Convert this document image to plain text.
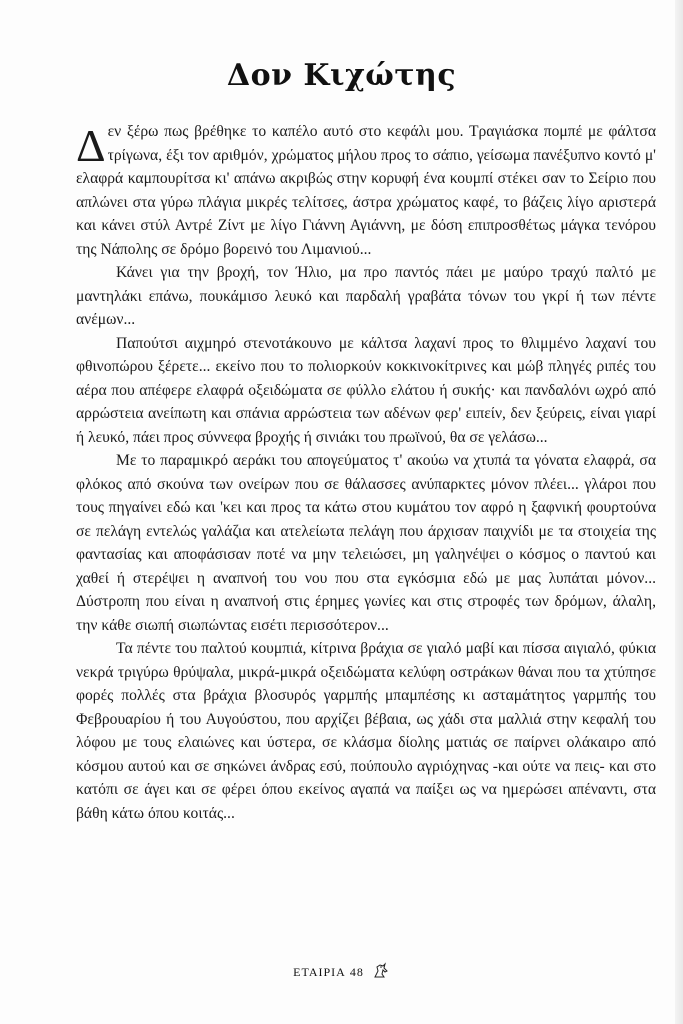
Δον Κιχώτης

Δεν ξέρω πως βρέθηκε το καπέλο αυτό στο κεφάλι μου. Τραγιάσκα πομπέ με φάλτσα τρίγωνα, έξι τον αριθμόν, χρώματος μήλου προς το σάπιο, γείσωμα πανέξυπνο κοντό μ' ελαφρά καμπουρίτσα κι' απάνω ακριβώς στην κορυφή ένα κουμπί στέκει σαν το Σείριο που απλώνει στα γύρω πλάγια μικρές τελίτσες, άστρα χρώματος καφέ, το βάζεις λίγο αριστερά και κάνει στύλ Αντρέ Ζίντ με λίγο Γιάννη Αγιάννη, με δόση επιπροσθέτως μάγκα τενόρου της Νάπολης σε δρόμο βορεινό του Λιμανιού...

Κάνει για την βροχή, τον Ήλιο, μα προ παντός πάει με μαύρο τραχύ παλτό με μαντηλάκι επάνω, πουκάμισο λευκό και παρδαλή γραβάτα τόνων του γκρί ή των πέντε ανέμων...

Παπούτσι αιχμηρό στενοτάκουνο με κάλτσα λαχανί προς το θλιμμένο λαχανί του φθινοπώρου ξέρετε... εκείνο που το πολιορκούν κοκκινοκίτρινες και μώβ πληγές ριπές του αέρα που απέφερε ελαφρά οξειδώματα σε φύλλο ελάτου ή συκής· και πανδαλόνι ωχρό από αρρώστεια ανείπωτη και σπάνια αρρώστεια των αδένων φερ' ειπείν, δεν ξεύρεις, είναι γιαρί ή λευκό, πάει προς σύννεφα βροχής ή σινιάκι του πρωϊνού, θα σε γελάσω...

Με το παραμικρό αεράκι του απογεύματος τ' ακούω να χτυπά τα γόνατα ελαφρά, σα φλόκος από σκούνα των ονείρων που σε θάλασσες ανύπαρκτες μόνον πλέει... γλάροι που τους πηγαίνει εδώ και 'κει και προς τα κάτω στου κυμάτου τον αφρό η ξαφνική φουρτούνα σε πελάγη εντελώς γαλάζια και ατελείωτα πελάγη που άρχισαν παιχνίδι με τα στοιχεία της φαντασίας και αποφάσισαν ποτέ να μην τελειώσει, μη γαληνέψει ο κόσμος ο παντού και χαθεί ή στερέψει η αναπνοή του νου που στα εγκόσμια εδώ με μας λυπάται μόνον... Δύστροπη που είναι η αναπνοή στις έρημες γωνίες και στις στροφές των δρόμων, άλαλη, την κάθε σιωπή σιωπώντας εισέτι περισσότερον...

Τα πέντε του παλτού κουμπιά, κίτρινα βράχια σε γιαλό μαβί και πίσσα αιγιαλό, φύκια νεκρά τριγύρω θρύψαλα, μικρά-μικρά οξειδώματα κελύφη οστράκων θάναι που τα χτύπησε φορές πολλές στα βράχια βλοσυρός γαρμπής μπαμπέσης κι ασταμάτητος γαρμπής του Φεβρουαρίου ή του Αυγούστου, που αρχίζει βέβαια, ως χάδι στα μαλλιά στην κεφαλή του λόφου με τους ελαιώνες και ύστερα, σε κλάσμα δίολης ματιάς σε παίρνει ολάκαιρο από κόσμου αυτού και σε σηκώνει άνδρας εσύ, πούπουλο αγριόχηνας -και ούτε να πεις- και στο κατόπι σε άγει και σε φέρει όπου εκείνος αγαπά να παίξει ως να ημερώσει απέναντι, στα βάθη κάτω όπου κοιτάς...

ΕΤΑΙΡΙΑ 48
